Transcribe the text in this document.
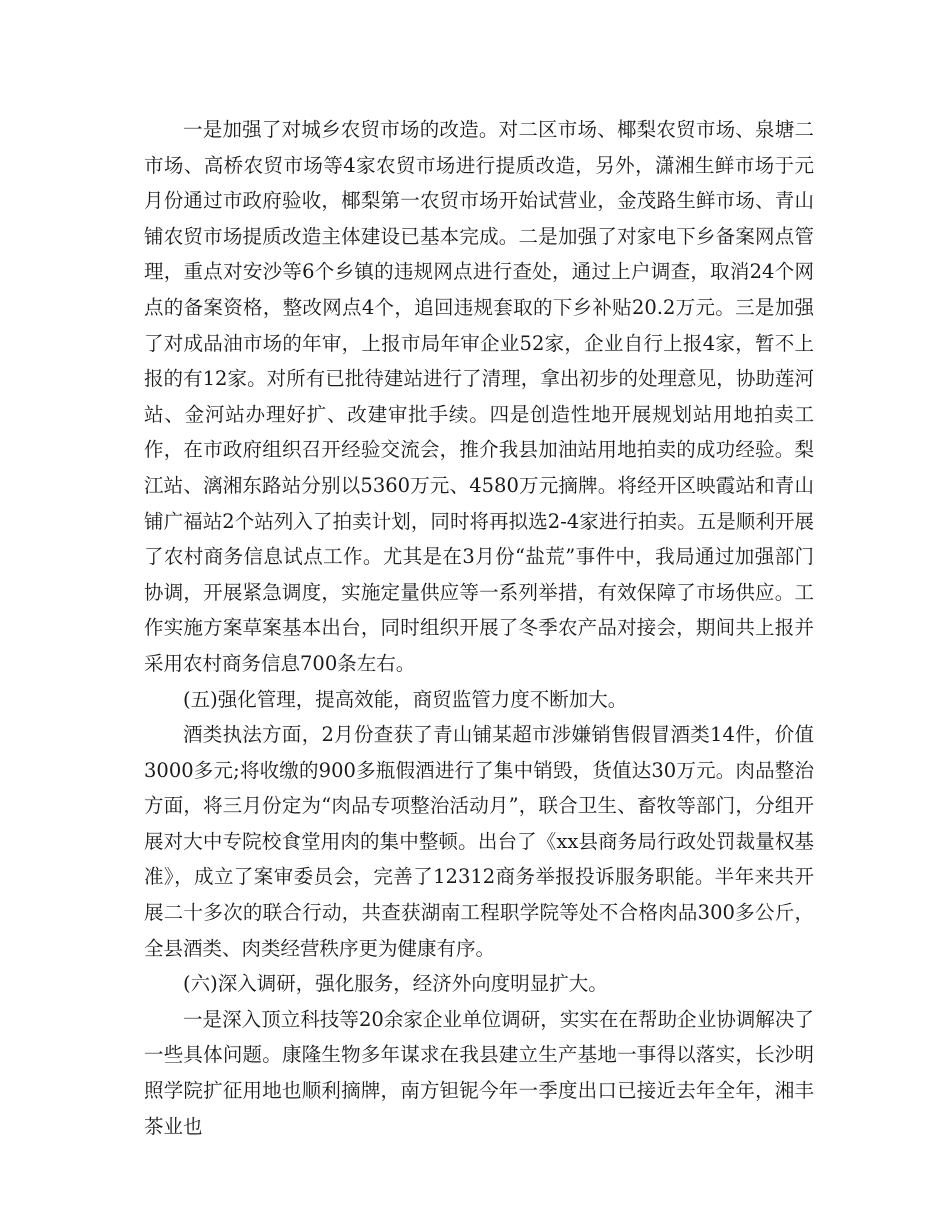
一是加强了对城乡农贸市场的改造。对二区市场、椰梨农贸市场、泉塘二市场、高桥农贸市场等4家农贸市场进行提质改造，另外，潇湘生鲜市场于元月份通过市政府验收，椰梨第一农贸市场开始试营业，金茂路生鲜市场、青山铺农贸市场提质改造主体建设已基本完成。二是加强了对家电下乡备案网点管理，重点对安沙等6个乡镇的违规网点进行查处，通过上户调查，取消24个网点的备案资格，整改网点4个，追回违规套取的下乡补贴20.2万元。三是加强了对成品油市场的年审，上报市局年审企业52家，企业自行上报4家，暂不上报的有12家。对所有已批待建站进行了清理，拿出初步的处理意见，协助莲河站、金河站办理好扩、改建审批手续。四是创造性地开展规划站用地拍卖工作，在市政府组织召开经验交流会，推介我县加油站用地拍卖的成功经验。梨江站、漓湘东路站分别以5360万元、4580万元摘牌。将经开区映霞站和青山铺广福站2个站列入了拍卖计划，同时将再拟选2-4家进行拍卖。五是顺利开展了农村商务信息试点工作。尤其是在3月份“盐荒”事件中，我局通过加强部门协调，开展紧急调度，实施定量供应等一系列举措，有效保障了市场供应。工作实施方案草案基本出台，同时组织开展了冬季农产品对接会，期间共上报并采用农村商务信息700条左右。

(五)强化管理，提高效能，商贸监管力度不断加大。

酒类执法方面，2月份查获了青山铺某超市涉嫌销售假冒酒类14件，价值3000多元;将收缴的900多瓶假酒进行了集中销毁，货值达30万元。肉品整治方面，将三月份定为“肉品专项整治活动月”，联合卫生、畜牧等部门，分组开展对大中专院校食堂用肉的集中整顿。出台了《xx县商务局行政处罚裁量权基准》，成立了案审委员会，完善了12312商务举报投诉服务职能。半年来共开展二十多次的联合行动，共查获湖南工程职学院等处不合格肉品300多公斤，全县酒类、肉类经营秩序更为健康有序。

(六)深入调研，强化服务，经济外向度明显扩大。

一是深入顶立科技等20余家企业单位调研，实实在在帮助企业协调解决了一些具体问题。康隆生物多年谋求在我县建立生产基地一事得以落实，长沙明照学院扩征用地也顺利摘牌，南方钽铌今年一季度出口已接近去年全年，湘丰茶业也
